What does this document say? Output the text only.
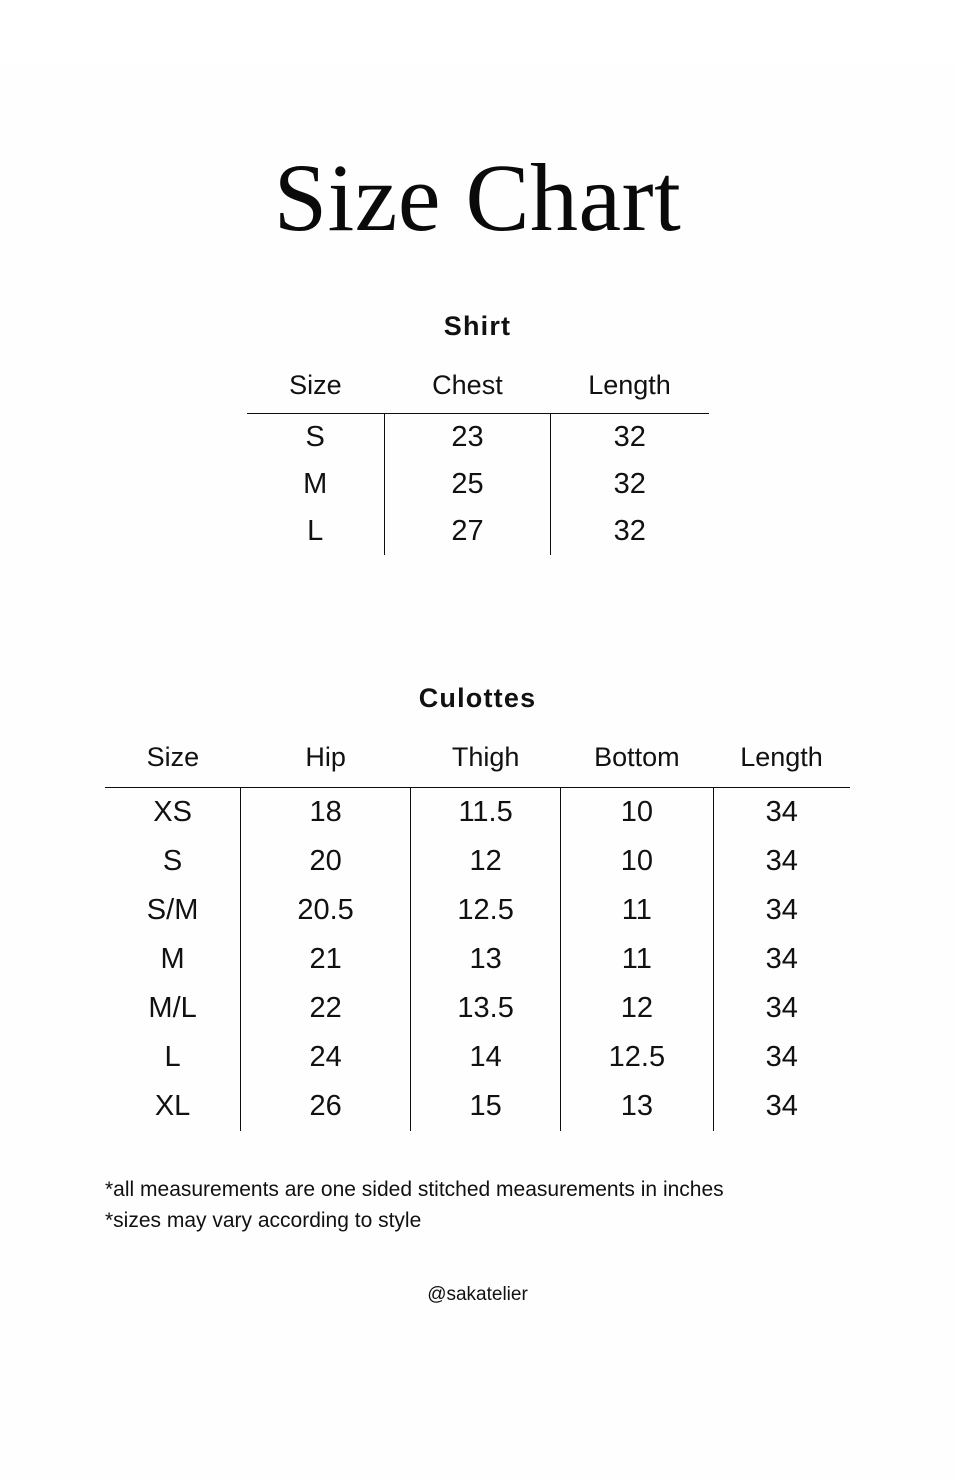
Size Chart
Shirt
Size	Chest	Length
S	23	32
M	25	32
L	27	32
Culottes
Size	Hip	Thigh	Bottom	Length
XS	18	11.5	10	34
S	20	12	10	34
S/M	20.5	12.5	11	34
M	21	13	11	34
M/L	22	13.5	12	34
L	24	14	12.5	34
XL	26	15	13	34
*all measurements are one sided stitched measurements in inches
*sizes may vary according to style
@sakatelier
